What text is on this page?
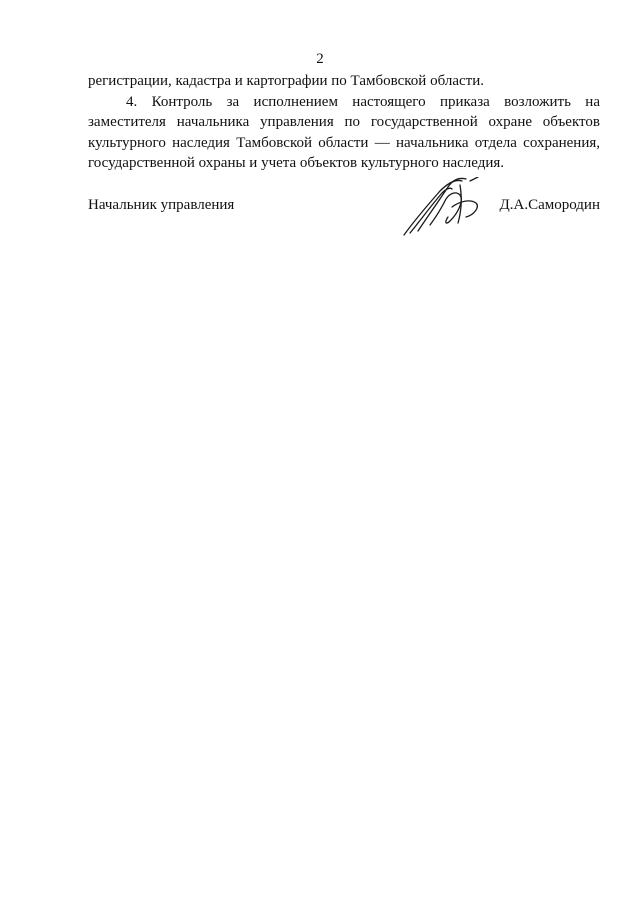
2
регистрации, кадастра и картографии по Тамбовской области.
4. Контроль за исполнением настоящего приказа возложить на заместителя начальника управления по государственной охране объектов культурного наследия Тамбовской области — начальника отдела сохранения, государственной охраны и учета объектов культурного наследия.
Начальник управления	Д.А.Самородин
